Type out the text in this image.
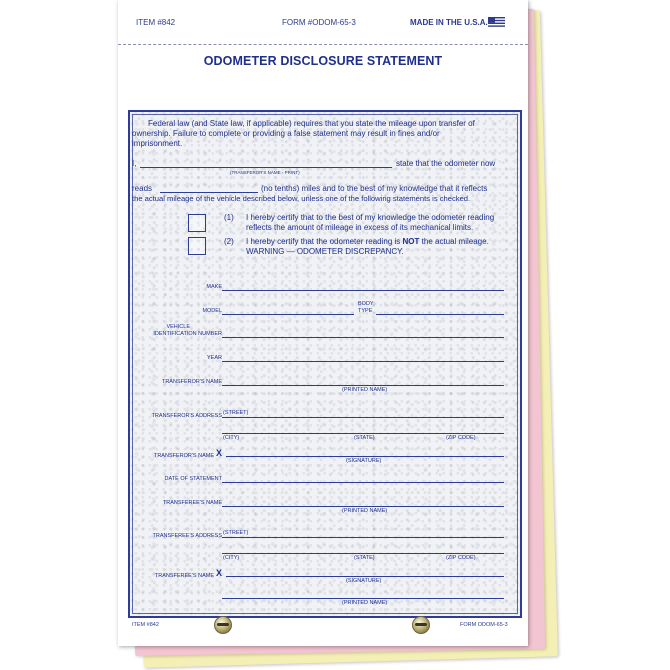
ITEM #842	FORM #ODOM-65-3	MADE IN THE U.S.A.
ODOMETER DISCLOSURE STATEMENT
Federal law (and State law, if applicable) requires that you state the mileage upon transfer of
ownership. Failure to complete or providing a false statement may result in fines and/or
imprisonment.
I,	state that the odometer now
(TRANSFEROR'S NAME - PRINT)
reads	(no tenths) miles and to the best of my knowledge that it reflects
the actual mileage of the vehicle described below, unless one of the following statements is checked.
(1) I hereby certify that to the best of my knowledge the odometer reading
reflects the amount of mileage in excess of its mechanical limits.
(2) I hereby certify that the odometer reading is NOT the actual mileage.
WARNING — ODOMETER DISCREPANCY.
MAKE
MODEL
BODY
TYPE
VEHICLE
IDENTIFICATION NUMBER
YEAR
TRANSFEROR'S NAME
(PRINTED NAME)
TRANSFEROR'S ADDRESS (STREET)
(CITY)	(STATE)	(ZIP CODE)
TRANSFEROR'S NAME X
(SIGNATURE)
DATE OF STATEMENT
TRANSFEREE'S NAME
(PRINTED NAME)
TRANSFEREE'S ADDRESS (STREET)
(CITY)	(STATE)	(ZIP CODE)
TRANSFEREE'S NAME X
(SIGNATURE)
(PRINTED NAME)
ITEM #842	FORM ODOM-65-3
